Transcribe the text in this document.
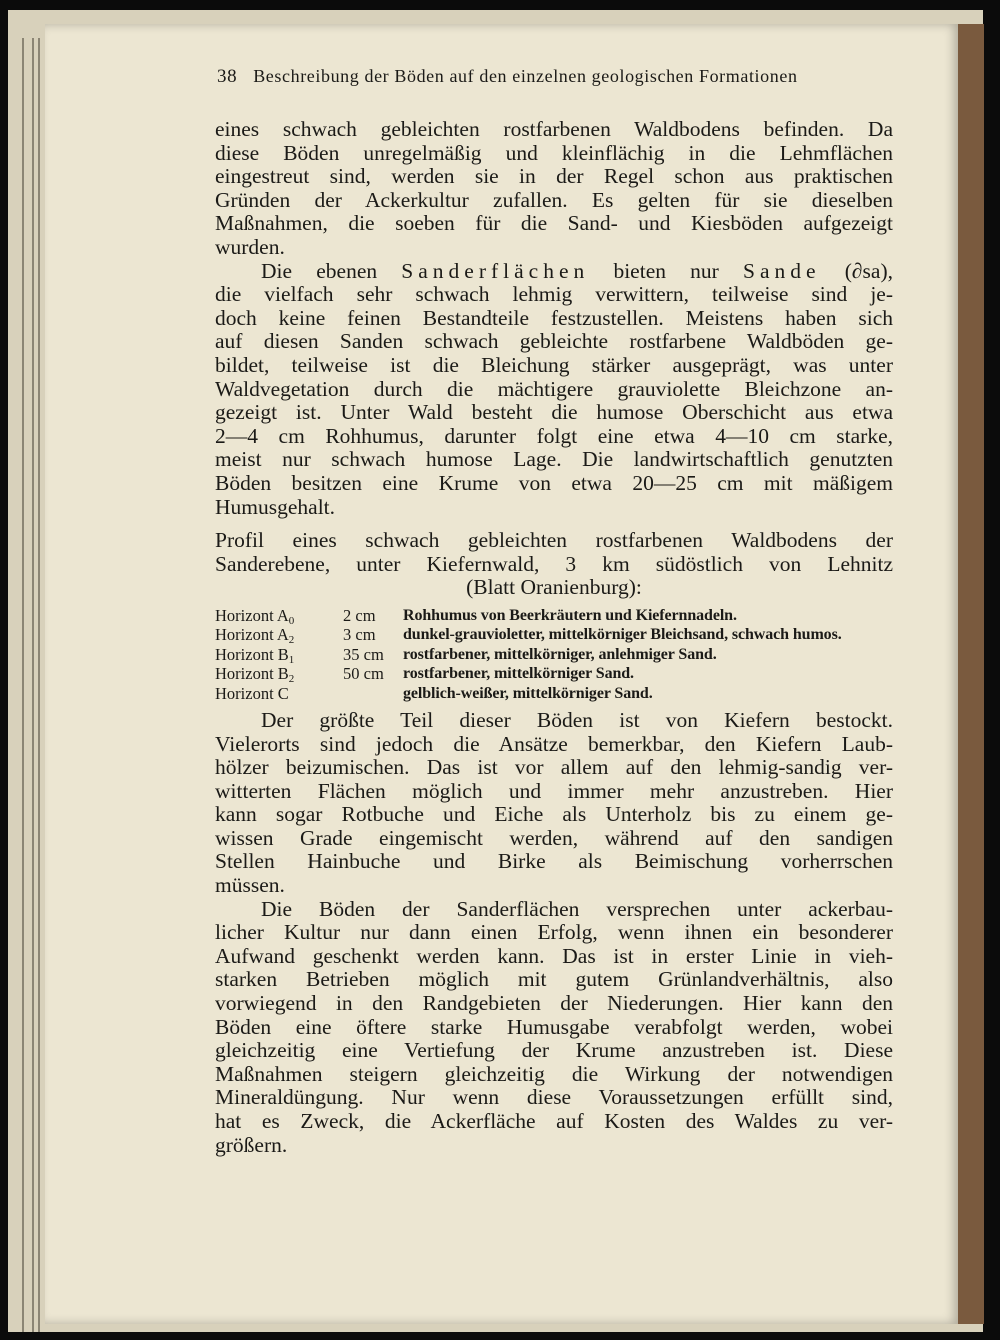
38 Beschreibung der Böden auf den einzelnen geologischen Formationen
eines schwach gebleichten rostfarbenen Waldbodens befinden. Da
diese Böden unregelmäßig und kleinflächig in die Lehmflächen
eingestreut sind, werden sie in der Regel schon aus praktischen
Gründen der Ackerkultur zufallen. Es gelten für sie dieselben
Maßnahmen, die soeben für die Sand- und Kiesböden aufgezeigt
wurden.
Die ebenen Sanderflächen bieten nur Sande (∂sa),
die vielfach sehr schwach lehmig verwittern, teilweise sind je-
doch keine feinen Bestandteile festzustellen. Meistens haben sich
auf diesen Sanden schwach gebleichte rostfarbene Waldböden ge-
bildet, teilweise ist die Bleichung stärker ausgeprägt, was unter
Waldvegetation durch die mächtigere grauviolette Bleichzone an-
gezeigt ist. Unter Wald besteht die humose Oberschicht aus etwa
2—4 cm Rohhumus, darunter folgt eine etwa 4—10 cm starke,
meist nur schwach humose Lage. Die landwirtschaftlich genutzten
Böden besitzen eine Krume von etwa 20—25 cm mit mäßigem
Humusgehalt.
Profil eines schwach gebleichten rostfarbenen Waldbodens der
Sanderebene, unter Kiefernwald, 3 km südöstlich von Lehnitz
(Blatt Oranienburg):
Horizont $A_0$	2 cm	Rohhumus von Beerkräutern und Kiefernnadeln.
Horizont $A_2$	3 cm	dunkel-grauvioletter, mittelkörniger Bleichsand, schwach humos.
Horizont $B_1$	35 cm	rostfarbener, mittelkörniger, anlehmiger Sand.
Horizont $B_2$	50 cm	rostfarbener, mittelkörniger Sand.
Horizont C		gelblich-weißer, mittelkörniger Sand.
Der größte Teil dieser Böden ist von Kiefern bestockt.
Vielerorts sind jedoch die Ansätze bemerkbar, den Kiefern Laub-
hölzer beizumischen. Das ist vor allem auf den lehmig-sandig ver-
witterten Flächen möglich und immer mehr anzustreben. Hier
kann sogar Rotbuche und Eiche als Unterholz bis zu einem ge-
wissen Grade eingemischt werden, während auf den sandigen
Stellen Hainbuche und Birke als Beimischung vorherrschen
müssen.
Die Böden der Sanderflächen versprechen unter ackerbau-
licher Kultur nur dann einen Erfolg, wenn ihnen ein besonderer
Aufwand geschenkt werden kann. Das ist in erster Linie in vieh-
starken Betrieben möglich mit gutem Grünlandverhältnis, also
vorwiegend in den Randgebieten der Niederungen. Hier kann den
Böden eine öftere starke Humusgabe verabfolgt werden, wobei
gleichzeitig eine Vertiefung der Krume anzustreben ist. Diese
Maßnahmen steigern gleichzeitig die Wirkung der notwendigen
Mineraldüngung. Nur wenn diese Voraussetzungen erfüllt sind,
hat es Zweck, die Ackerfläche auf Kosten des Waldes zu ver-
größern.
